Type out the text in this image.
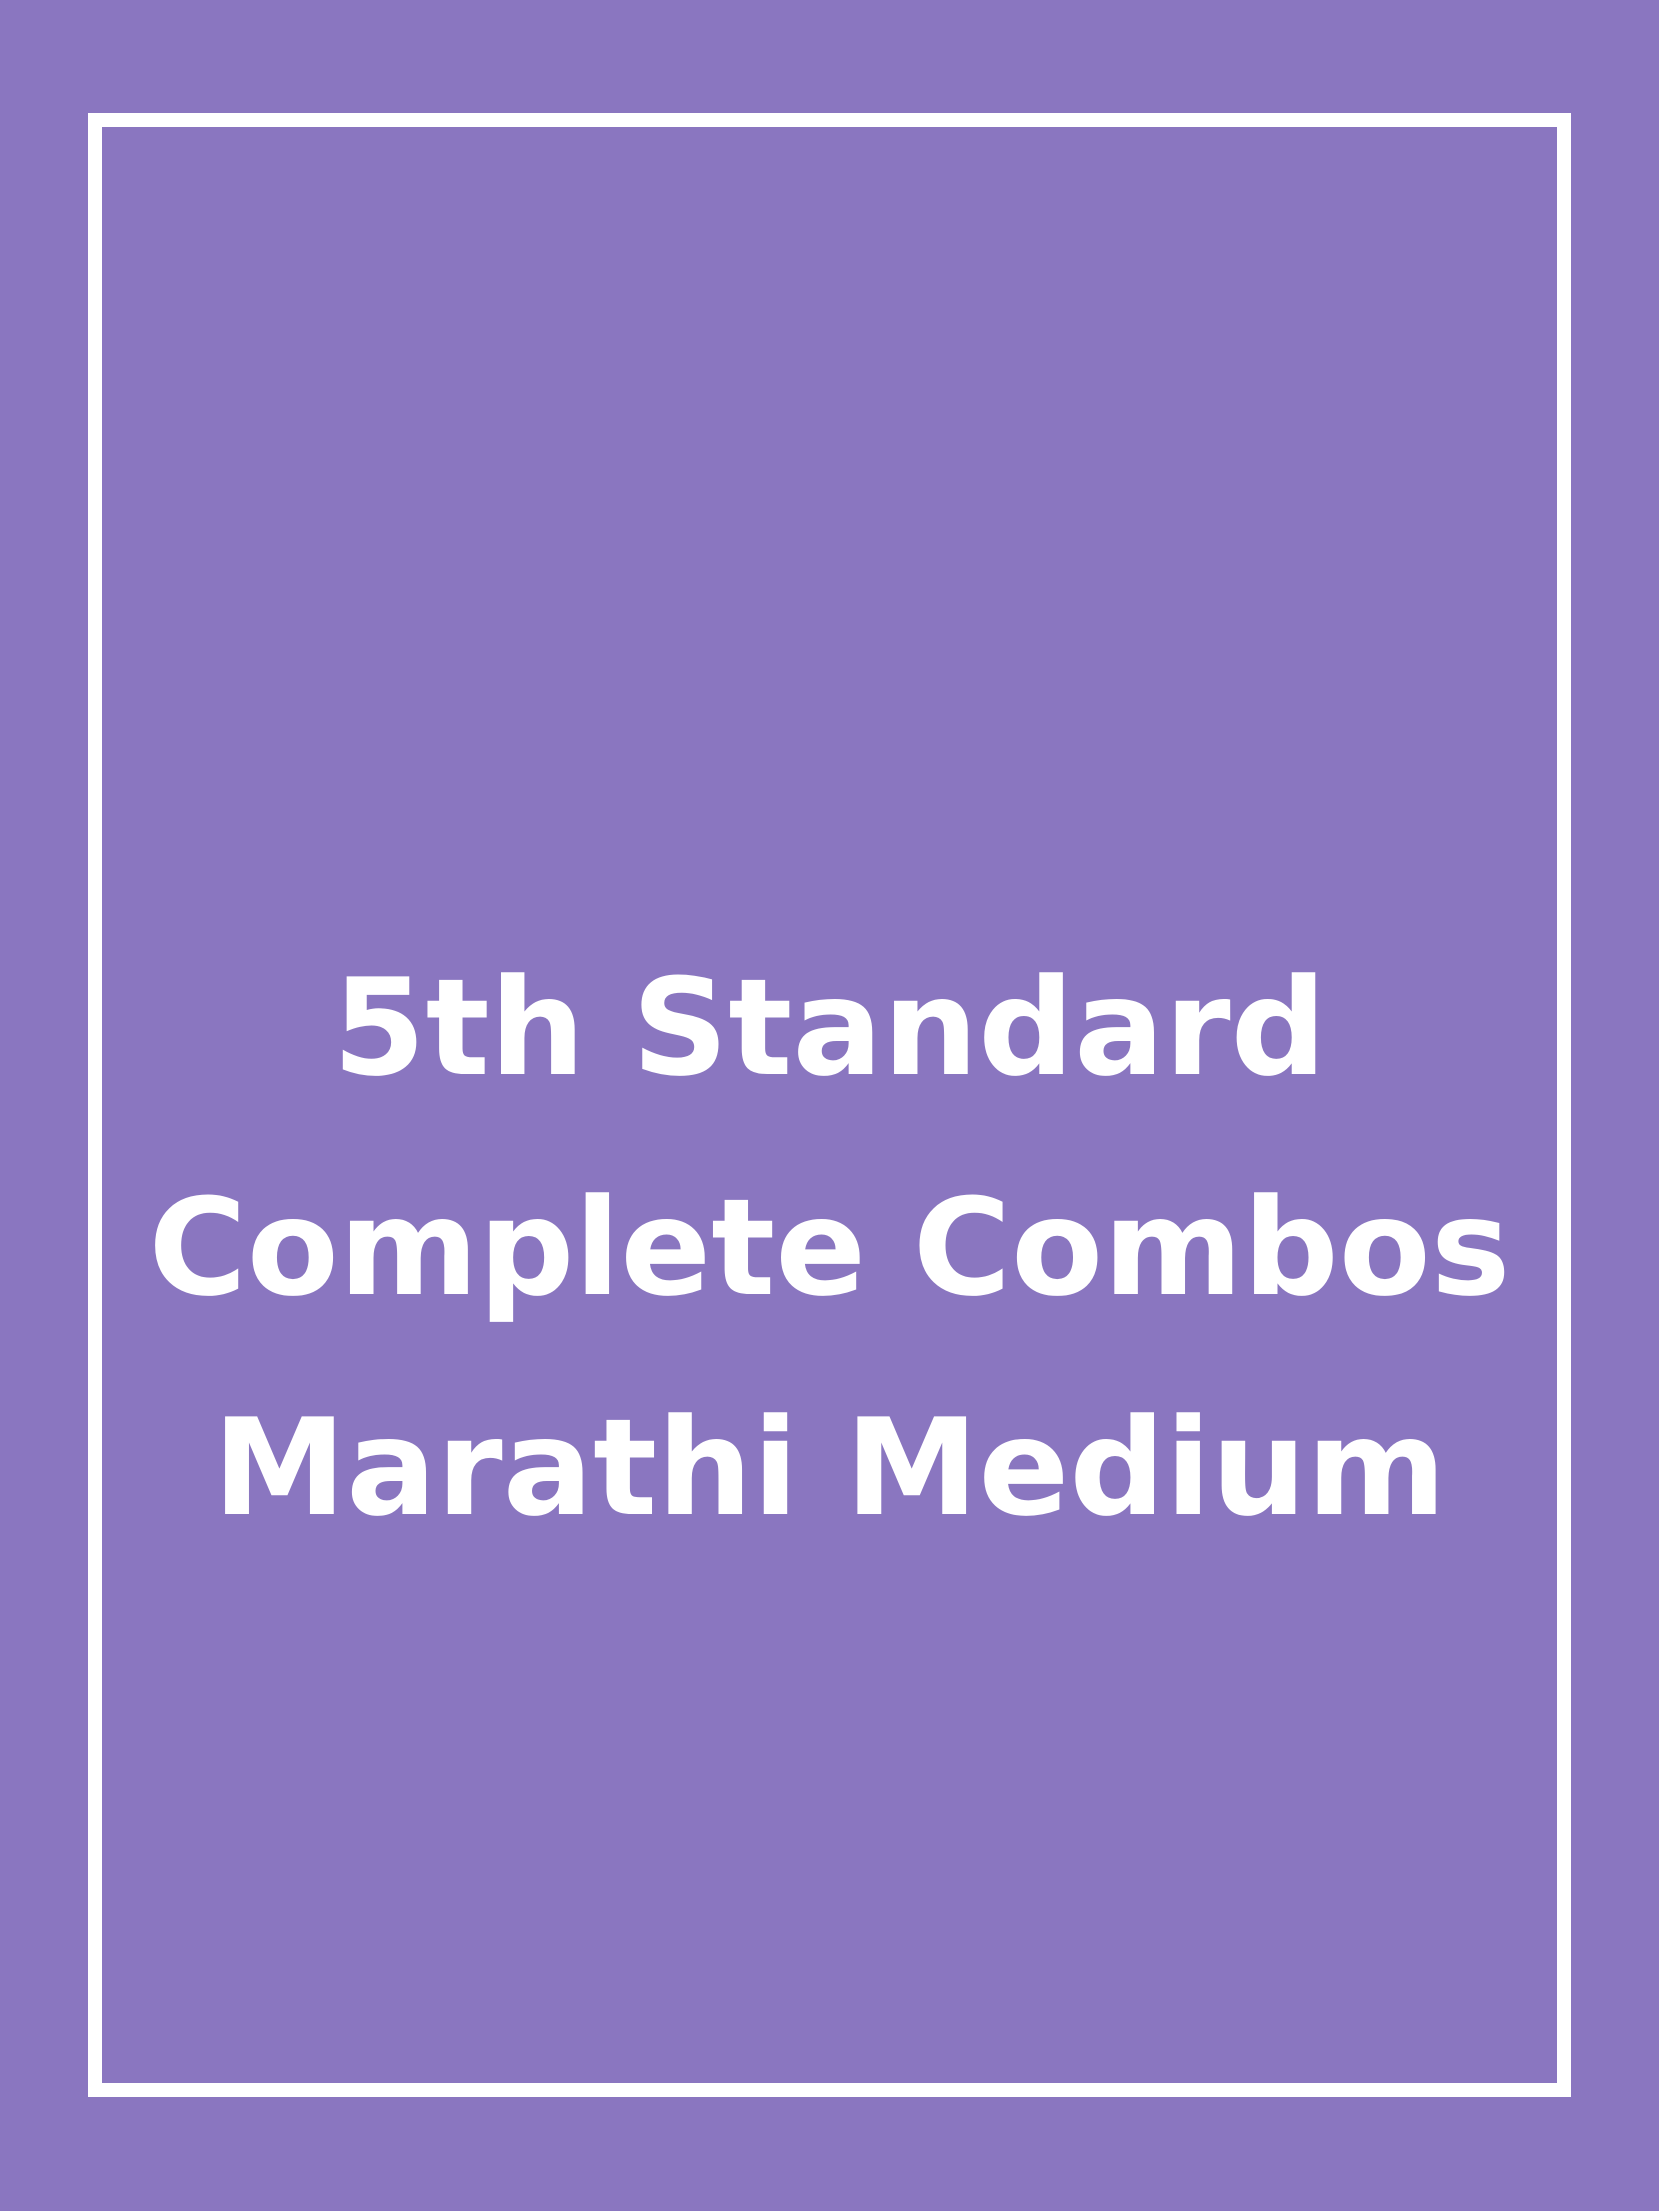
5th Standard
Complete Combos
Marathi Medium
